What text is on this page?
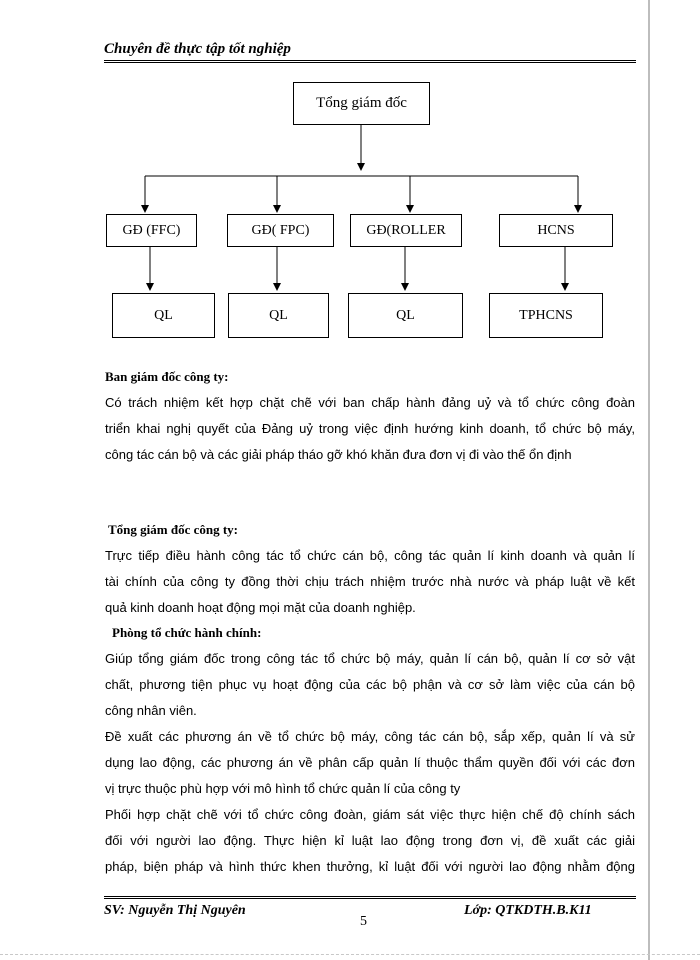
Chuyên đề thực tập tốt nghiệp
Tổng giám đốc
GĐ (FFC)	GĐ( FPC)	GĐ(ROLLER	HCNS
QL	QL	QL	TPHCNS
Ban giám đốc công ty:
Có trách nhiệm kết hợp chặt chẽ với ban chấp hành đảng uỷ và tổ chức công đoàn
triển khai nghị quyết của Đảng uỷ trong việc định hướng kinh doanh, tổ chức bộ máy,
công tác cán bộ và các giải pháp tháo gỡ khó khăn đưa đơn vị đi vào thế ổn định
Tổng giám đốc công ty:
Trực tiếp điều hành công tác tổ chức cán bộ, công tác quản lí kinh doanh và quản lí
tài chính của công ty đồng thời chịu trách nhiệm trước nhà nước và pháp luật về kết
quả kinh doanh hoạt động mọi mặt của doanh nghiệp.
Phòng tổ chức hành chính:
Giúp tổng giám đốc trong công tác tổ chức bộ máy, quản lí cán bộ, quản lí cơ sở vật
chất, phương tiện phục vụ hoạt động của các bộ phận và cơ sở làm việc của cán bộ
công nhân viên.
Đề xuất các phương án về tổ chức bộ máy, công tác cán bộ, sắp xếp, quản lí và sử
dụng lao động, các phương án về phân cấp quản lí thuộc thẩm quyền đối với các đơn
vị trực thuộc phù hợp với mô hình tổ chức quản lí của công ty
Phối hợp chặt chẽ với tổ chức công đoàn, giám sát việc thực hiện chế độ chính sách
đối với người lao động. Thực hiện kỉ luật lao động trong đơn vị, đề xuất các giải
pháp, biện pháp và hình thức khen thưởng, kỉ luật đối với người lao động nhằm động
SV: Nguyễn Thị Nguyên	Lớp: QTKDTH.B.K11
5
